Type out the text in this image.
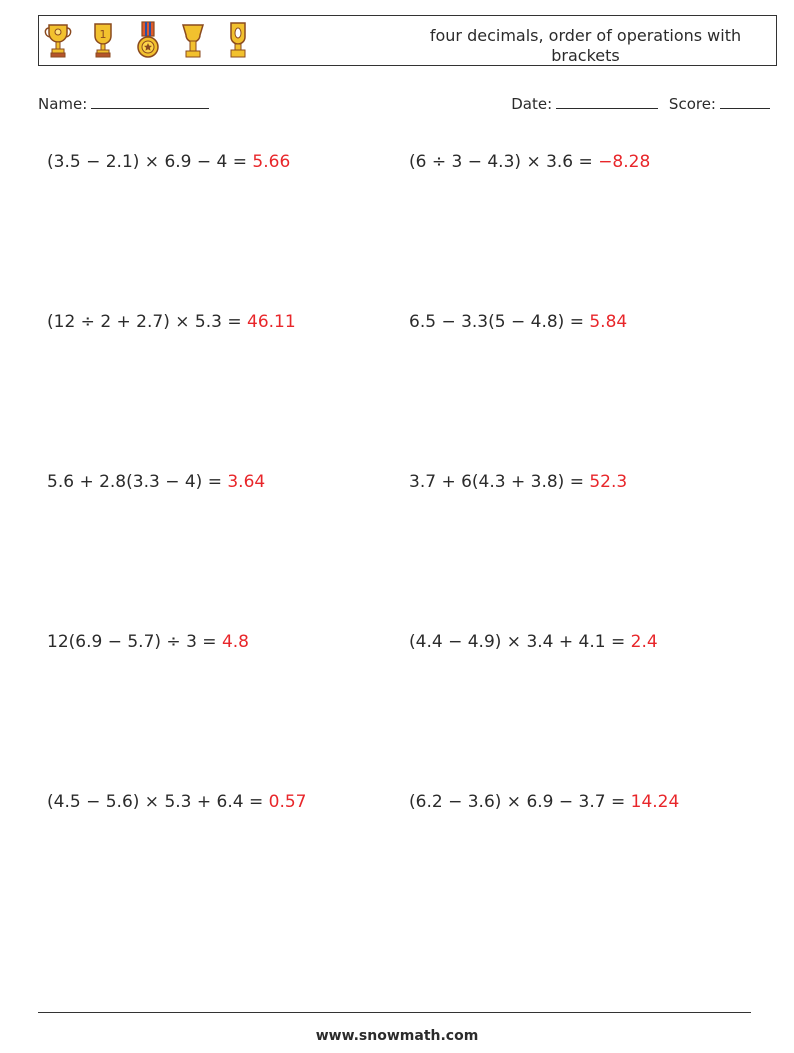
1	four decimals, order of operations with brackets
Name:	Date:	Score:
(3.5 − 2.1) × 6.9 − 4 = 5.66	(6 ÷ 3 − 4.3) × 3.6 = −8.28
(12 ÷ 2 + 2.7) × 5.3 = 46.11	6.5 − 3.3(5 − 4.8) = 5.84
5.6 + 2.8(3.3 − 4) = 3.64	3.7 + 6(4.3 + 3.8) = 52.3
12(6.9 − 5.7) ÷ 3 = 4.8	(4.4 − 4.9) × 3.4 + 4.1 = 2.4
(4.5 − 5.6) × 5.3 + 6.4 = 0.57	(6.2 − 3.6) × 6.9 − 3.7 = 14.24
www.snowmath.com
